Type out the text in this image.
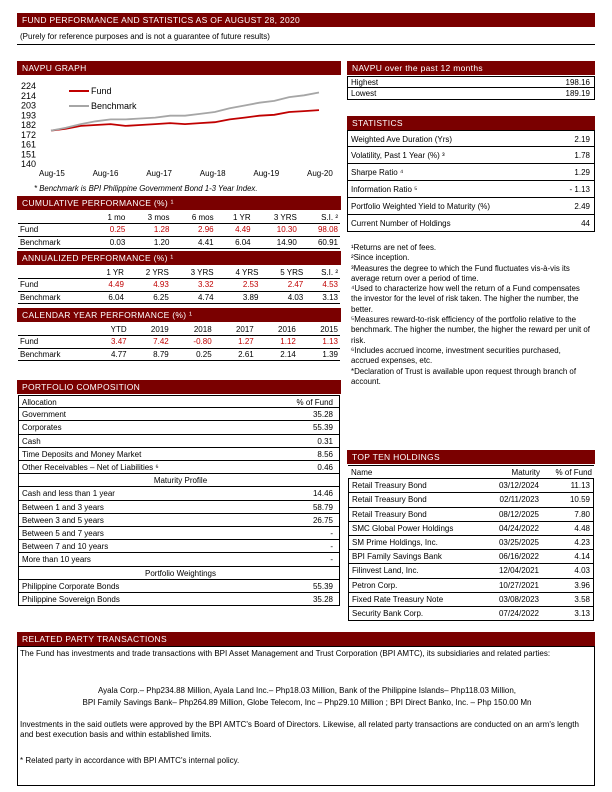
FUND PERFORMANCE AND STATISTICS AS OF AUGUST 28, 2020
(Purely for reference purposes and is not a guarantee of future results)
NAVPU GRAPH
224
214
203
193
182
172
161
151
140
Aug-15	Aug-16	Aug-17	Aug-18	Aug-19	Aug-20
Fund
Benchmark
* Benchmark is BPI Philippine Government Bond 1-3 Year Index.
CUMULATIVE PERFORMANCE (%) ¹
	1 mo	3 mos	6 mos	1 YR	3 YRS	S.I. ²
Fund	0.25	1.28	2.96	4.49	10.30	98.08
Benchmark	0.03	1.20	4.41	6.04	14.90	60.91
ANNUALIZED PERFORMANCE (%) ¹
	1 YR	2 YRS	3 YRS	4 YRS	5 YRS	S.I. ²
Fund	4.49	4.93	3.32	2.53	2.47	4.53
Benchmark	6.04	6.25	4.74	3.89	4.03	3.13
CALENDAR YEAR PERFORMANCE (%) ¹
	YTD	2019	2018	2017	2016	2015
Fund	3.47	7.42	-0.80	1.27	1.12	1.13
Benchmark	4.77	8.79	0.25	2.61	2.14	1.39
NAVPU over the past 12 months
Highest	198.16
Lowest	189.19
STATISTICS
Weighted Ave Duration (Yrs)	2.19
Volatility, Past 1 Year (%) ³	1.78
Sharpe Ratio ⁴	1.29
Information Ratio ⁵	- 1.13
Portfolio Weighted Yield to Maturity (%)	2.49
Current Number of Holdings	44
¹Returns are net of fees.
²Since inception.
³Measures the degree to which the Fund fluctuates vis-à-vis its average return over a period of time.
⁴Used to characterize how well the return of a Fund compensates the investor for the level of risk taken. The higher the number, the better.
⁵Measures reward-to-risk efficiency of the portfolio relative to the benchmark. The higher the number, the higher the reward per unit of risk.
⁶Includes accrued income, investment securities purchased, accrued expenses, etc.
*Declaration of Trust is available upon request through branch of account.
PORTFOLIO COMPOSITION
Allocation	% of Fund
Government	35.28
Corporates	55.39
Cash	0.31
Time Deposits and Money Market	8.56
Other Receivables – Net of Liabilities ⁶	0.46
Maturity Profile
Cash and less than 1 year	14.46
Between 1 and 3 years	58.79
Between 3 and 5 years	26.75
Between 5 and 7 years	-
Between 7 and 10 years	-
More than 10 years	-
Portfolio Weightings
Philippine Corporate Bonds	55.39
Philippine Sovereign Bonds	35.28
TOP TEN HOLDINGS
Name	Maturity	% of Fund
Retail Treasury Bond	03/12/2024	11.13
Retail Treasury Bond	02/11/2023	10.59
Retail Treasury Bond	08/12/2025	7.80
SMC Global Power Holdings	04/24/2022	4.48
SM Prime Holdings, Inc.	03/25/2025	4.23
BPI Family Savings Bank	06/16/2022	4.14
Filinvest Land, Inc.	12/04/2021	4.03
Petron Corp.	10/27/2021	3.96
Fixed Rate Treasury Note	03/08/2023	3.58
Security Bank Corp.	07/24/2022	3.13
RELATED PARTY TRANSACTIONS
The Fund has investments and trade transactions with BPI Asset Management and Trust Corporation (BPI AMTC), its subsidiaries and related parties:
Ayala Corp.– Php234.88 Million, Ayala Land Inc.– Php18.03 Million, Bank of the Philippine Islands– Php118.03 Million,
BPI Family Savings Bank– Php264.89 Million, Globe Telecom, Inc – Php29.10 Million ; BPI Direct Banko, Inc. – Php 150.00 Mn
Investments in the said outlets were approved by the BPI AMTC's Board of Directors. Likewise, all related party transactions are conducted on an arm's length and best execution basis and within established limits.
* Related party in accordance with BPI AMTC's internal policy.
